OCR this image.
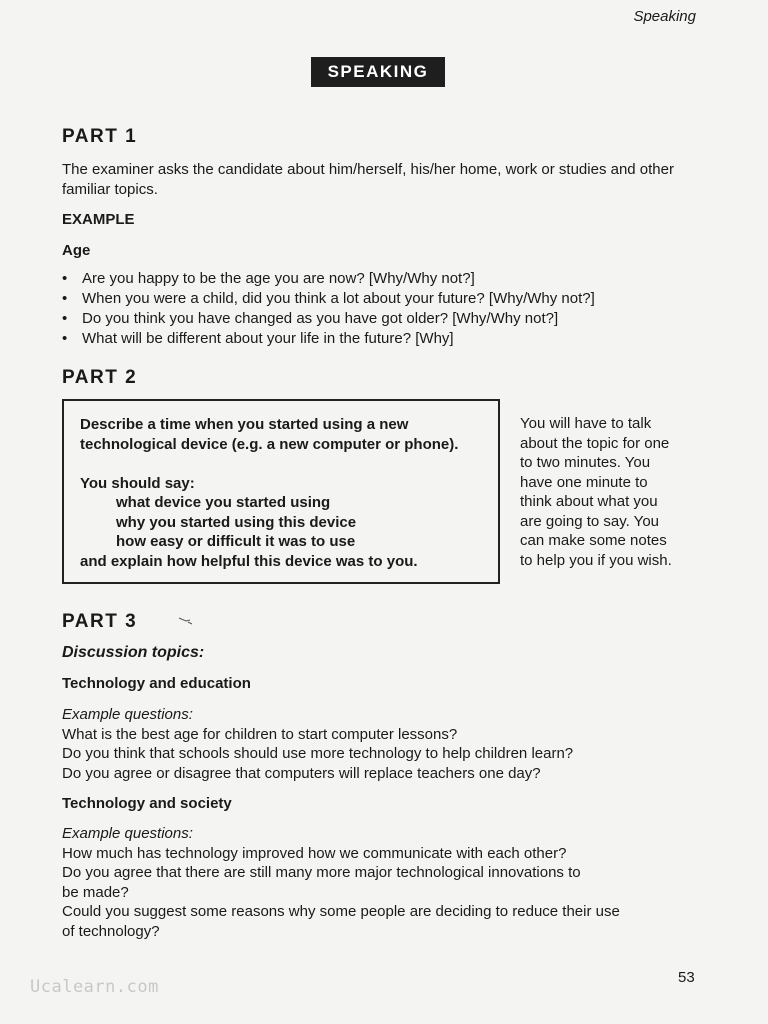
Speaking
SPEAKING
PART 1
The examiner asks the candidate about him/herself, his/her home, work or studies and other familiar topics.
EXAMPLE
Age
• Are you happy to be the age you are now? [Why/Why not?]
• When you were a child, did you think a lot about your future? [Why/Why not?]
• Do you think you have changed as you have got older? [Why/Why not?]
• What will be different about your life in the future? [Why]
PART 2
Describe a time when you started using a new
technological device (e.g. a new computer or phone).
You should say:
what device you started using
why you started using this device
how easy or difficult it was to use
and explain how helpful this device was to you.
You will have to talk
about the topic for one
to two minutes. You
have one minute to
think about what you
are going to say. You
can make some notes
to help you if you wish.
PART 3
Discussion topics:
Technology and education
Example questions:
What is the best age for children to start computer lessons?
Do you think that schools should use more technology to help children learn?
Do you agree or disagree that computers will replace teachers one day?
Technology and society
Example questions:
How much has technology improved how we communicate with each other?
Do you agree that there are still many more major technological innovations to
be made?
Could you suggest some reasons why some people are deciding to reduce their use
of technology?
53
Ucalearn.com
